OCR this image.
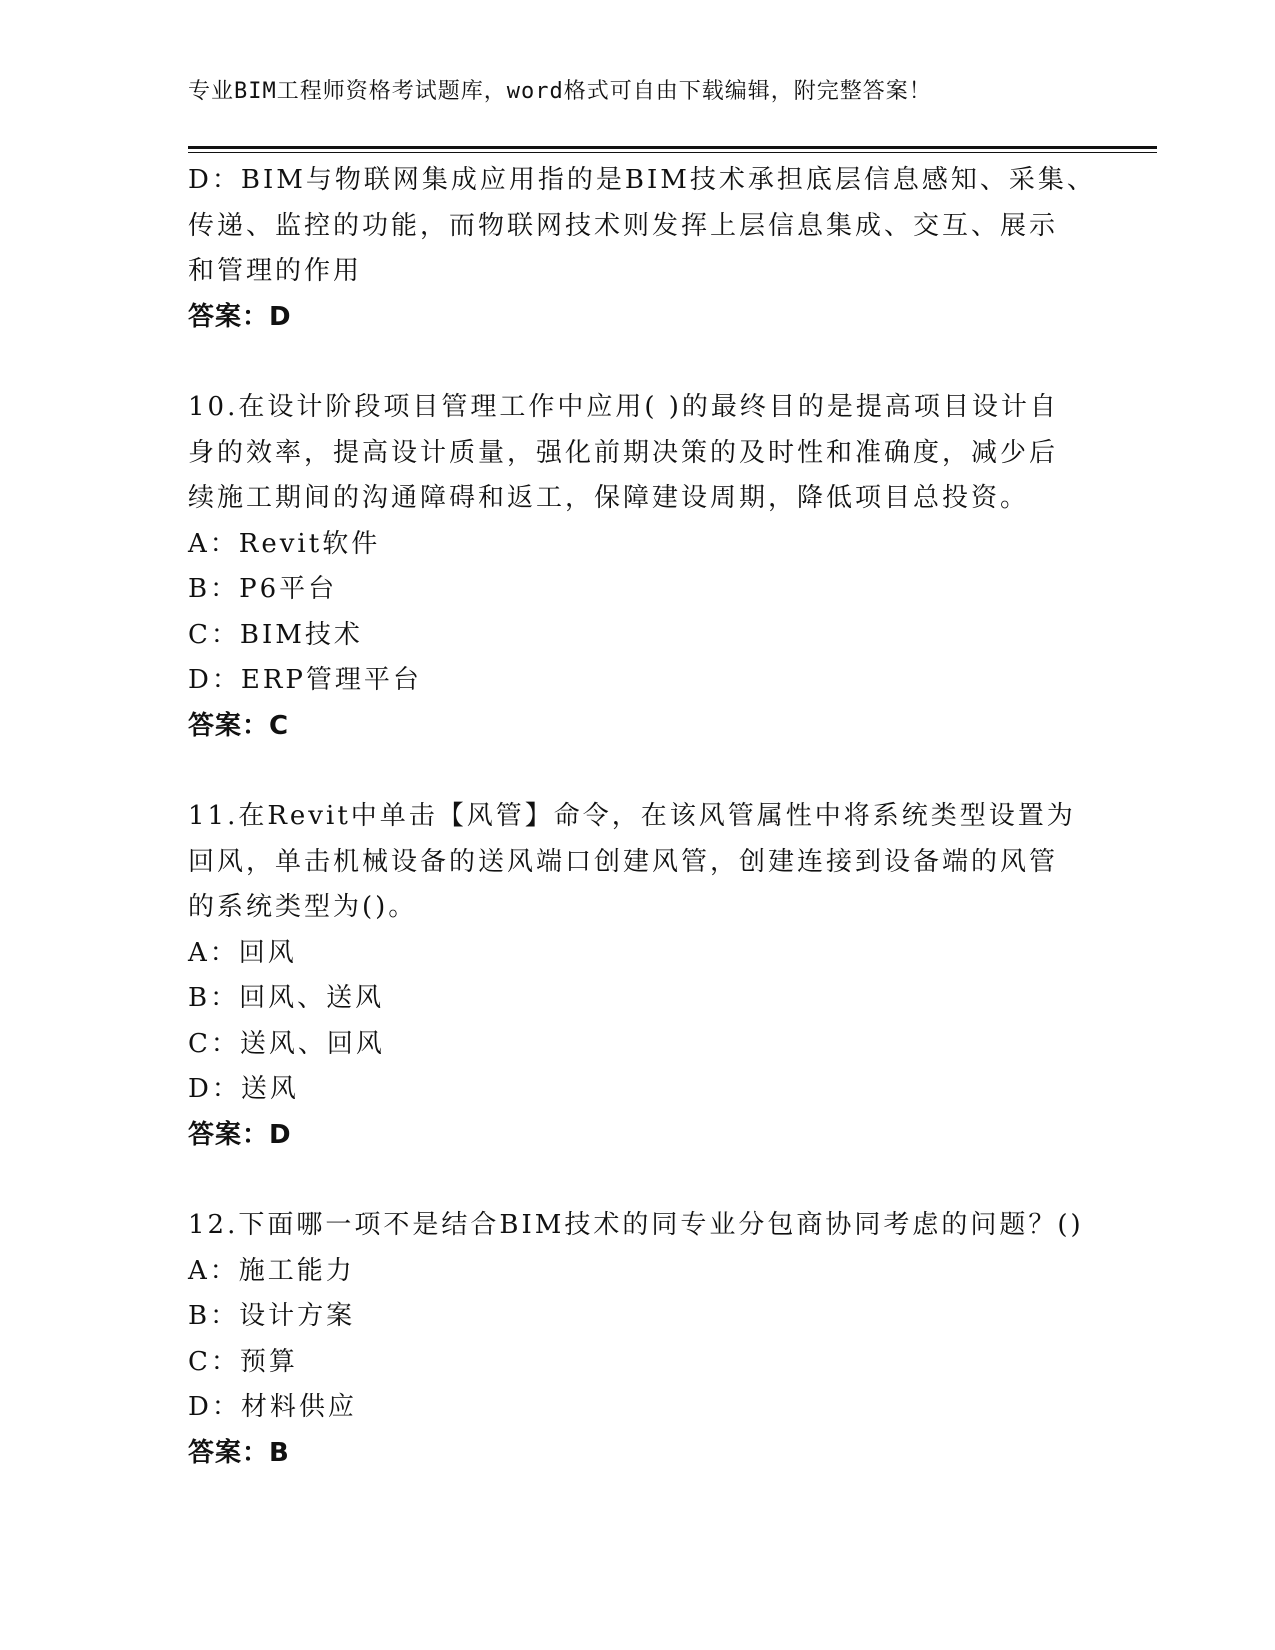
专业BIM工程师资格考试题库，word格式可自由下载编辑，附完整答案！
D：BIM与物联网集成应用指的是BIM技术承担底层信息感知、采集、
传递、监控的功能，而物联网技术则发挥上层信息集成、交互、展示
和管理的作用
答案：D
10.在设计阶段项目管理工作中应用( )的最终目的是提高项目设计自
身的效率，提高设计质量，强化前期决策的及时性和准确度，减少后
续施工期间的沟通障碍和返工，保障建设周期，降低项目总投资。
A：Revit软件
B：P6平台
C：BIM技术
D：ERP管理平台
答案：C
11.在Revit中单击【风管】命令，在该风管属性中将系统类型设置为
回风，单击机械设备的送风端口创建风管，创建连接到设备端的风管
的系统类型为()。
A：回风
B：回风、送风
C：送风、回风
D：送风
答案：D
12.下面哪一项不是结合BIM技术的同专业分包商协同考虑的问题？()
A：施工能力
B：设计方案
C：预算
D：材料供应
答案：B
